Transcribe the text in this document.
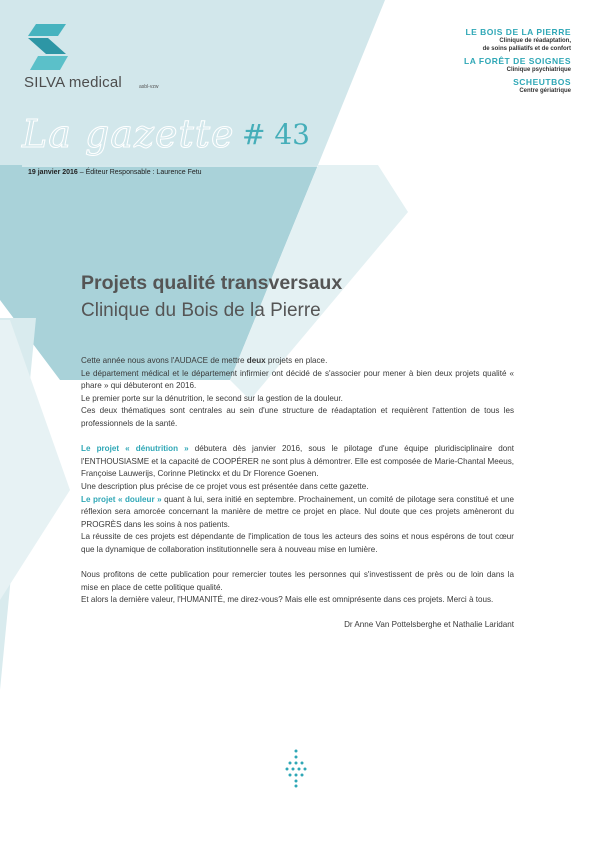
SILVA medical	asbl-vzw
La gazette # 43
19 janvier 2016 – Éditeur Responsable : Laurence Fetu
LE BOIS DE LA PIERRE
Clinique de réadaptation,
de soins palliatifs et de confort
LA FORÊT DE SOIGNES
Clinique psychiatrique
SCHEUTBOS
Centre gériatrique
Projets qualité transversaux
Clinique du Bois de la Pierre

Cette année nous avons l'AUDACE de mettre deux projets en place.

Le département médical et le département infirmier ont décidé de s'associer pour mener à bien deux projets qualité « phare » qui débuteront en 2016.

Le premier porte sur la dénutrition, le second sur la gestion de la douleur.

Ces deux thématiques sont centrales au sein d'une structure de réadaptation et requièrent l'attention de tous les professionnels de la santé.

Le projet « dénutrition » débutera dès janvier 2016, sous le pilotage d'une équipe pluridisciplinaire dont l'ENTHOUSIASME et la capacité de COOPÉRER ne sont plus à démontrer. Elle est composée de Marie-Chantal Meeus, Françoise Lauwerijs, Corinne Pletinckx et du Dr Florence Goenen.

Une description plus précise de ce projet vous est présentée dans cette gazette.

Le projet « douleur » quant à lui, sera initié en septembre. Prochainement, un comité de pilotage sera constitué et une réflexion sera amorcée concernant la manière de mettre ce projet en place. Nul doute que ces projets amèneront du PROGRÈS dans les soins à nos patients.

La réussite de ces projets est dépendante de l'implication de tous les acteurs des soins et nous espérons de tout cœur que la dynamique de collaboration institutionnelle sera à nouveau mise en lumière.

Nous profitons de cette publication pour remercier toutes les personnes qui s'investissent de près ou de loin dans la mise en place de cette politique qualité.

Et alors la dernière valeur, l'HUMANITÉ, me direz-vous? Mais elle est omniprésente dans ces projets. Merci à tous.

Dr Anne Van Pottelsberghe et Nathalie Laridant
